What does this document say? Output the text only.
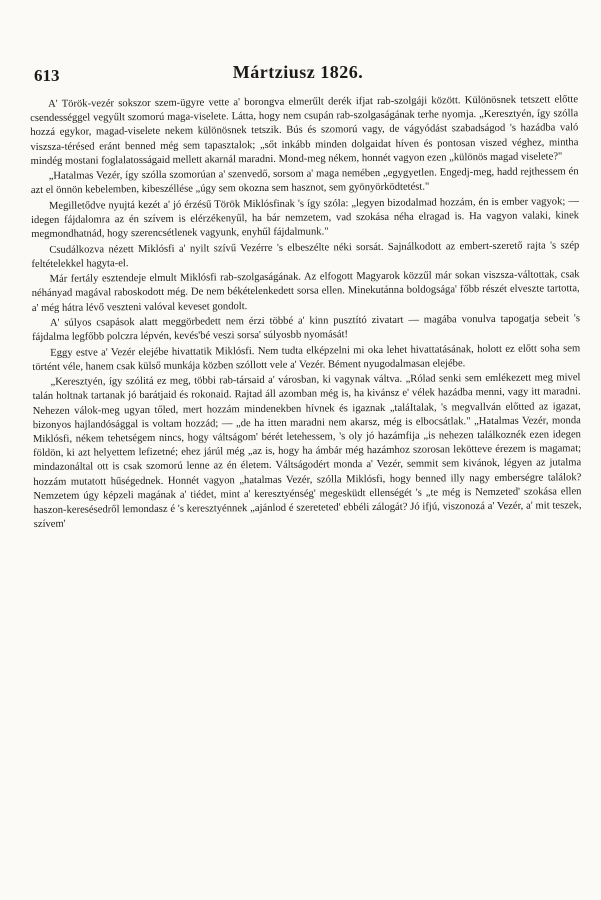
613	Mártziusz 1826.

A' Török-vezér sokszor szem-ügyre vette a' borongva elmerűlt derék ifjat rab-szolgáji között. Különösnek tetszett előtte csendességgel vegyűlt szomorú maga-viselete. Látta, hogy nem csupán rab-szolgaságának terhe nyomja. „Keresztyén, így szólla hozzá egykor, magad-viselete nekem különösnek tetszik. Bús és szomorú vagy, de vágyódást szabadságod 's hazádba való viszsza-térésed eránt benned még sem tapasztalok; „sőt inkább minden dolgaidat híven és pontosan viszed véghez, mintha mindég mostani foglalatosságaid mellett akarnál maradni. Mond-meg nékem, honnét vagyon ezen „különös magad viselete?"

„Hatalmas Vezér, így szólla szomorúan a' szenvedő, sorsom a' maga nemében „egygyetlen. Engedj-meg, hadd rejthessem én azt el önnön kebelemben, kibeszéllése „úgy sem okozna sem hasznot, sem gyönyörködtetést."

Megilletődve nyujtá kezét a' jó érzésű Török Miklósfinak 's így szóla: „legyen bizodalmad hozzám, én is ember vagyok; — idegen fájdalomra az én szívem is elérzékenyűl, ha bár nemzetem, vad szokása néha elragad is. Ha vagyon valaki, kinek megmondhatnád, hogy szerencsétlenek vagyunk, enyhűl fájdalmunk."

Csudálkozva nézett Miklósfi a' nyilt szívű Vezérre 's elbeszélte néki sorsát. Sajnálkodott az embert-szerető rajta 's szép feltételekkel hagyta-el.

Már fertály esztendeje elmult Miklósfi rab-szolgaságának. Az elfogott Magyarok közzűl már sokan viszsza-váltottak, csak néhányad magával raboskodott még. De nem békételenkedett sorsa ellen. Minekutánna boldogsága' főbb részét elveszte tartotta, a' még hátra lévő veszteni valóval keveset gondolt.

A' súlyos csapások alatt meggörbedett nem érzi többé a' kinn pusztító zivatart — magába vonulva tapogatja sebeit 's fájdalma legfőbb polczra lépvén, kevés'bé veszi sorsa' súlyosbb nyomását!

Eggy estve a' Vezér elejébe hivattatik Miklósfi. Nem tudta elképzelni mi oka lehet hivattatásának, holott ez előtt soha sem történt véle, hanem csak külső munkája közben szóllott vele a' Vezér. Bément nyugodalmasan elejébe.

„Keresztyén, így szólitá ez meg, többi rab-társaid a' városban, ki vagynak váltva. „Rólad senki sem emlékezett meg mivel talán holtnak tartanak jó barátjaid és rokonaid. Rajtad áll azomban még is, ha kivánsz e' vélek hazádba menni, vagy itt maradni. Nehezen válok-meg ugyan tőled, mert hozzám mindenekben hívnek és igaznak „taláItalak, 's megvallván előtted az igazat, bizonyos hajlandósággal is voltam hozzád; — „de ha itten maradni nem akarsz, még is elbocsátlak." „Hatalmas Vezér, monda Miklósfi, nékem tehetségem nincs, hogy váltságom' bérét letehessem, 's oly jó hazámfija „is nehezen találkoznék ezen idegen földön, ki azt helyettem lefizetné; ehez járúl még „az is, hogy ha ámbár még hazámhoz szorosan lekötteve érezem is magamat; mindazonáltal ott is csak szomorú lenne az én életem. Váltságodért monda a' Vezér, semmit sem kivánok, légyen az jutalma hozzám mutatott hűségednek. Honnét vagyon „hatalmas Vezér, szólla Miklósfi, hogy benned illy nagy emberségre találok? Nemzetem úgy képzeli magának a' tiédet, mint a' keresztyénség' megesküdt ellenségét 's „te még is Nemzeted' szokása ellen haszon-keresésedről lemondasz é 's keresztyénnek „ajánlod é szereteted' ebbéli zálogát? Jó ifjú, viszonozá a' Vezér, a' mit teszek, szívem'
